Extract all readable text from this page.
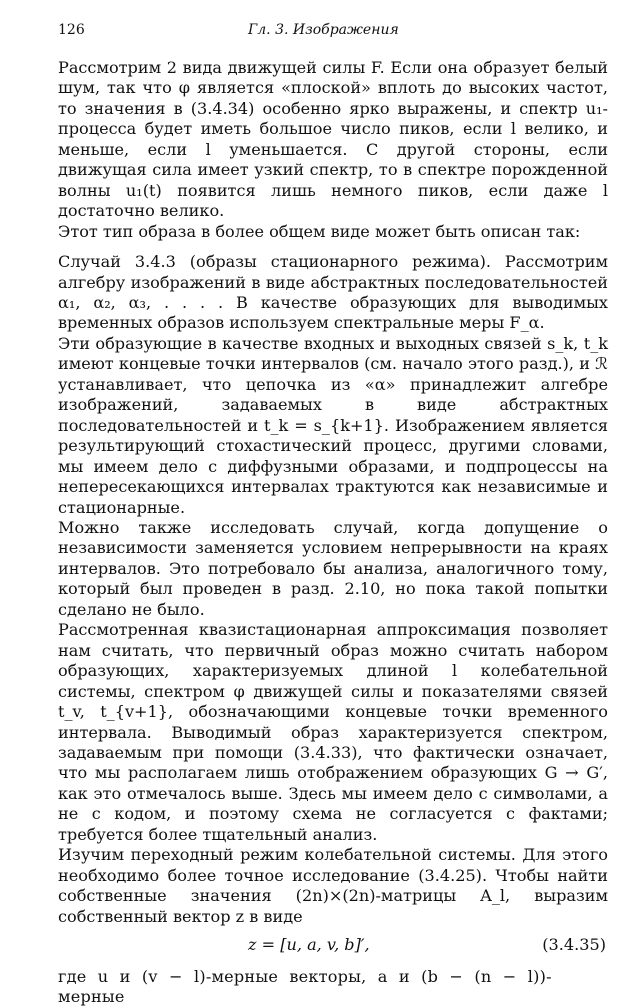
126	Гл. 3. Изображения

Рассмотрим 2 вида движущей силы F. Если она образует белый шум, так что φ является «плоской» вплоть до высоких частот, то значения в (3.4.34) особенно ярко выражены, и спектр u₁-процесса будет иметь большое число пиков, если l велико, и меньше, если l уменьшается. С другой стороны, если движущая сила имеет узкий спектр, то в спектре порожденной волны u₁(t) появится лишь немного пиков, если даже l достаточно велико.

Этот тип образа в более общем виде может быть описан так:

Случай 3.4.3 (образы стационарного режима). Рассмотрим алгебру изображений в виде абстрактных последовательностей α₁, α₂, α₃, . . . . В качестве образующих для выводимых временных образов используем спектральные меры F_α.

Эти образующие в качестве входных и выходных связей s_k, t_k имеют концевые точки интервалов (см. начало этого разд.), и ℛ устанавливает, что цепочка из «α» принадлежит алгебре изображений, задаваемых в виде абстрактных последовательностей и t_k = s_{k+1}. Изображением является результирующий стохастический процесс, другими словами, мы имеем дело с диффузными образами, и подпроцессы на непересекающихся интервалах трактуются как независимые и стационарные.

Можно также исследовать случай, когда допущение о независимости заменяется условием непрерывности на краях интервалов. Это потребовало бы анализа, аналогичного тому, который был проведен в разд. 2.10, но пока такой попытки сделано не было.

Рассмотренная квазистационарная аппроксимация позволяет нам считать, что первичный образ можно считать набором образующих, характеризуемых длиной l колебательной системы, спектром φ движущей силы и показателями связей t_v, t_{v+1}, обозначающими концевые точки временного интервала. Выводимый образ характеризуется спектром, задаваемым при помощи (3.4.33), что фактически означает, что мы располагаем лишь отображением образующих G → G′, как это отмечалось выше. Здесь мы имеем дело с символами, а не с кодом, и поэтому схема не согласуется с фактами; требуется более тщательный анализ.

Изучим переходный режим колебательной системы. Для этого необходимо более точное исследование (3.4.25). Чтобы найти собственные значения (2n)×(2n)-матрицы A_l, выразим собственный вектор z в виде

z = [u, a, v, b]′,	(3.4.35)
где u и (v − l)-мерные векторы, a и (b − (n − l))-мерные
